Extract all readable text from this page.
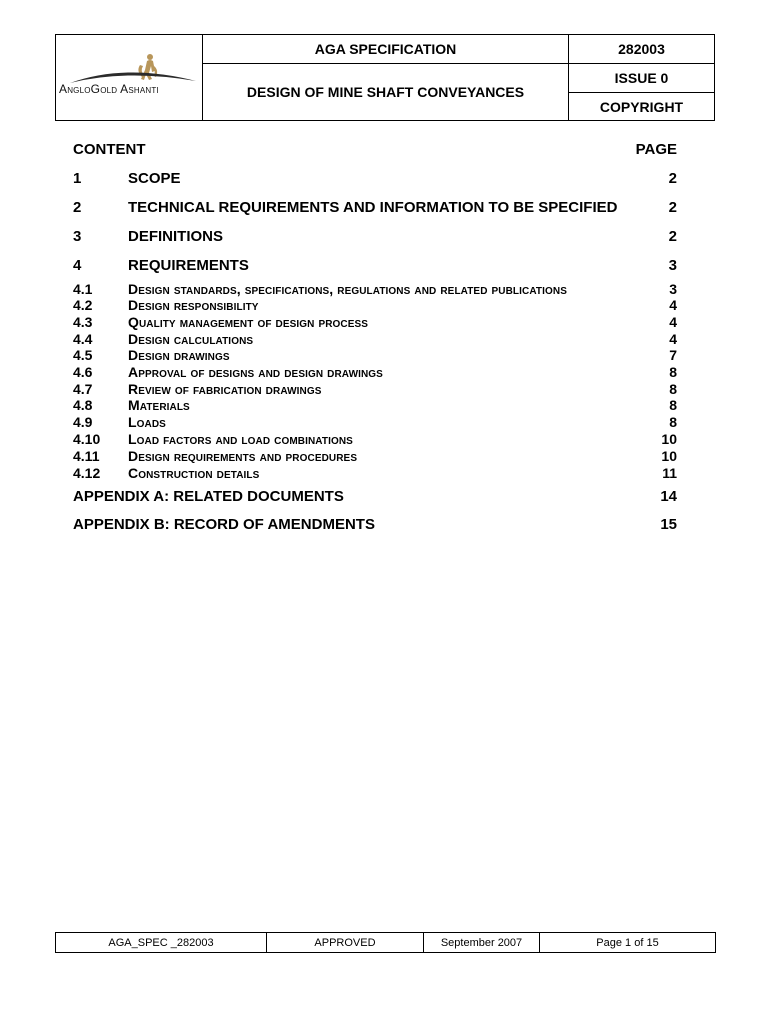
AngloGold Ashanti	AGA SPECIFICATION	282003
	DESIGN OF MINE SHAFT CONVEYANCES	ISSUE 0
		COPYRIGHT
CONTENT	PAGE
1	SCOPE	2
2	TECHNICAL REQUIREMENTS AND INFORMATION TO BE SPECIFIED	2
3	DEFINITIONS	2
4	REQUIREMENTS	3
4.1	Design standards, specifications, regulations and related publications	3
4.2	Design responsibility	4
4.3	Quality management of design process	4
4.4	Design calculations	4
4.5	Design drawings	7
4.6	Approval of designs and design drawings	8
4.7	Review of fabrication drawings	8
4.8	Materials	8
4.9	Loads	8
4.10 Load factors and load combinations	10
4.11 Design requirements and procedures	10
4.12 Construction details	11
APPENDIX A: RELATED DOCUMENTS	14
APPENDIX B: RECORD OF AMENDMENTS	15
AGA_SPEC _282003	APPROVED	September 2007	Page 1 of 15
